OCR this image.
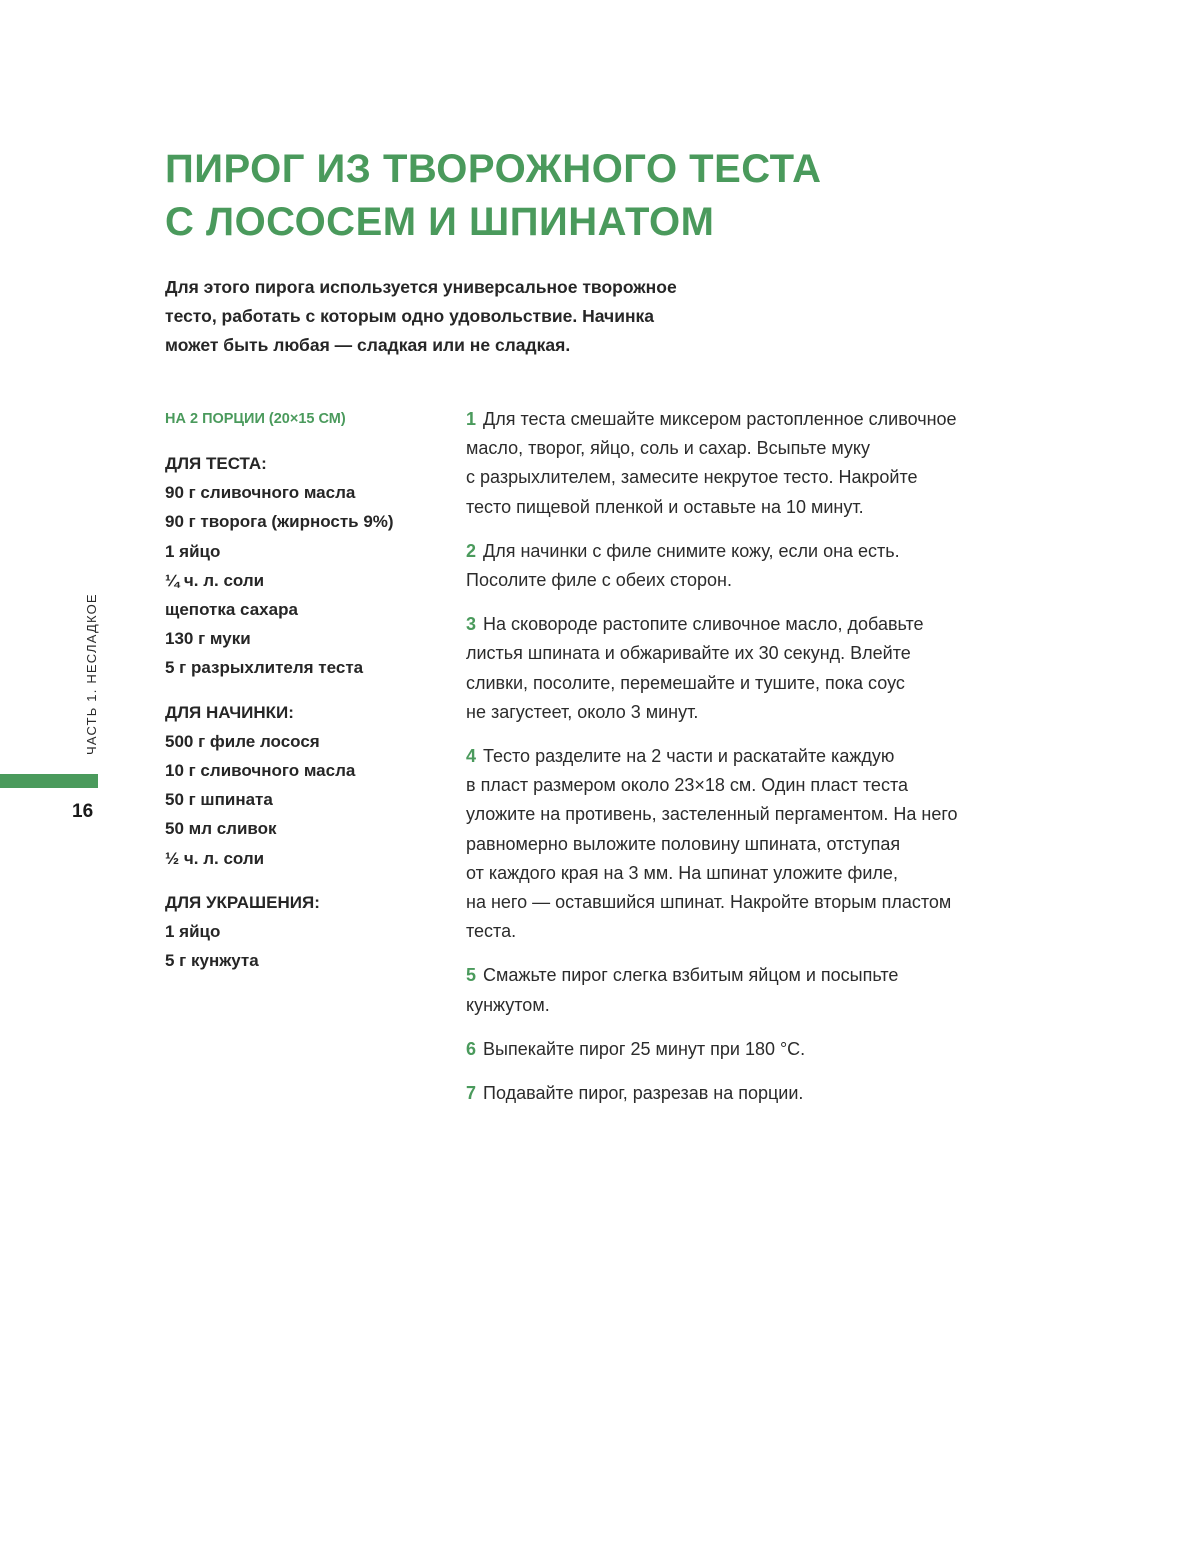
ПИРОГ ИЗ ТВОРОЖНОГО ТЕСТА
С ЛОСОСЕМ И ШПИНАТОМ

Для этого пирога используется универсальное творожное
тесто, работать с которым одно удовольствие. Начинка
может быть любая — сладкая или не сладкая.

НА 2 ПОРЦИИ (20×15 СМ)
ДЛЯ ТЕСТА:
90 г сливочного масла
90 г творога (жирность 9%)
1 яйцо
¼ ч. л. соли
щепотка сахара
130 г муки
5 г разрыхлителя теста
ДЛЯ НАЧИНКИ:
500 г филе лосося
10 г сливочного масла
50 г шпината
50 мл сливок
½ ч. л. соли
ДЛЯ УКРАШЕНИЯ:
1 яйцо
5 г кунжута
1 Для теста смешайте миксером растопленное сливочное
масло, творог, яйцо, соль и сахар. Всыпьте муку
с разрыхлителем, замесите некрутое тесто. Накройте
тесто пищевой пленкой и оставьте на 10 минут.
2 Для начинки с филе снимите кожу, если она есть.
Посолите филе с обеих сторон.
3 На сковороде растопите сливочное масло, добавьте
листья шпината и обжаривайте их 30 секунд. Влейте
сливки, посолите, перемешайте и тушите, пока соус
не загустеет, около 3 минут.
4 Тесто разделите на 2 части и раскатайте каждую
в пласт размером около 23×18 см. Один пласт теста
уложите на противень, застеленный пергаментом. На него
равномерно выложите половину шпината, отступая
от каждого края на 3 мм. На шпинат уложите филе,
на него — оставшийся шпинат. Накройте вторым пластом
теста.
5 Смажьте пирог слегка взбитым яйцом и посыпьте
кунжутом.
6 Выпекайте пирог 25 минут при 180 °С.
7 Подавайте пирог, разрезав на порции.
ЧАСТЬ 1. НЕСЛАДКОЕ
16
